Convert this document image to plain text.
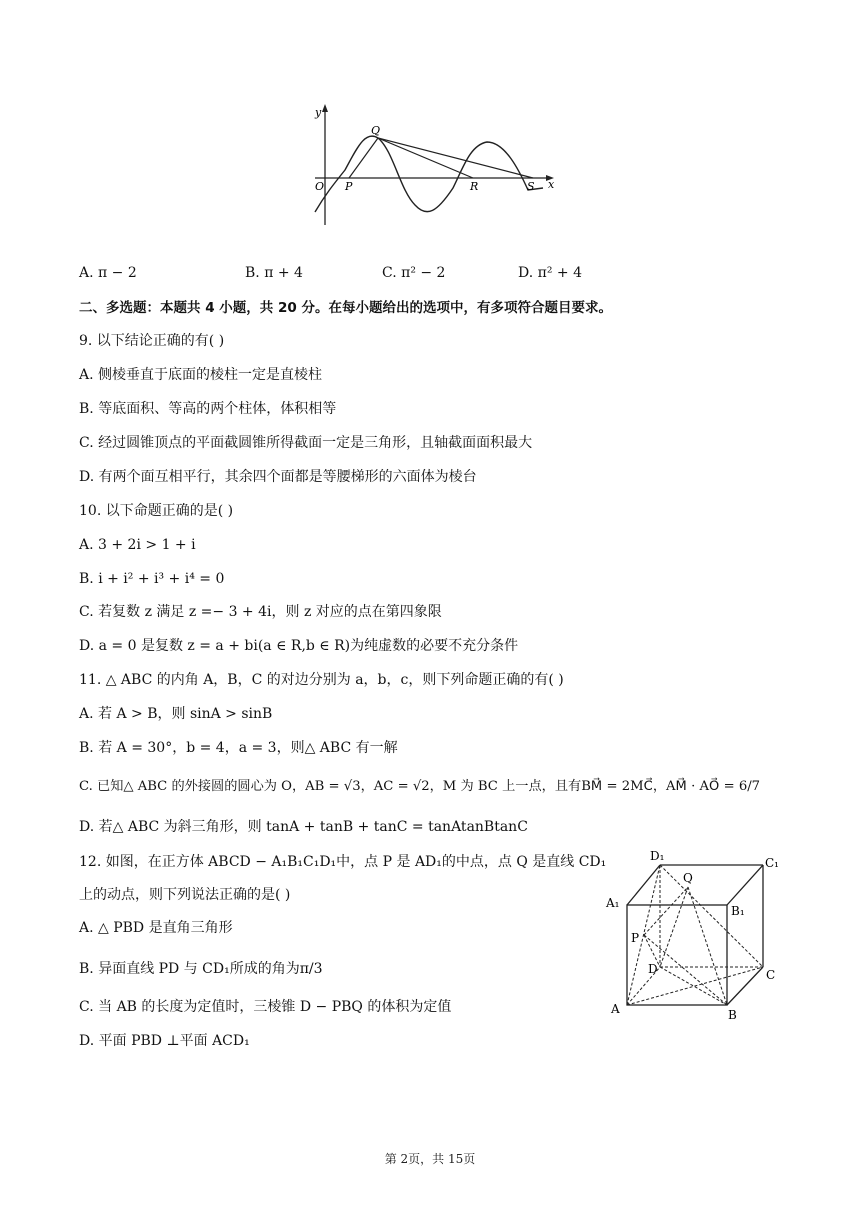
y
x
O P
Q
R	S
A. π − 2	B. π + 4	C. π² − 2	D. π² + 4
二、多选题：本题共 4 小题，共 20 分。在每小题给出的选项中，有多项符合题目要求。
9. 以下结论正确的有( )
A. 侧棱垂直于底面的棱柱一定是直棱柱
B. 等底面积、等高的两个柱体，体积相等
C. 经过圆锥顶点的平面截圆锥所得截面一定是三角形，且轴截面面积最大
D. 有两个面互相平行，其余四个面都是等腰梯形的六面体为棱台
10. 以下命题正确的是( )
A. 3 + 2i > 1 + i
B. i + i² + i³ + i⁴ = 0
C. 若复数 z 满足 z =− 3 + 4i，则 z 对应的点在第四象限
D. a = 0 是复数 z = a + bi(a ∈ R,b ∈ R)为纯虚数的必要不充分条件
11. △ ABC 的内角 A，B，C 的对边分别为 a，b，c，则下列命题正确的有( )
A. 若 A > B，则 sinA > sinB
B. 若 A = 30°，b = 4，a = 3，则△ ABC 有一解
C. 已知△ ABC 的外接圆的圆心为 O，AB = √3，AC = √2，M 为 BC 上一点，且有BM⃗ = 2MC⃗，AM⃗ · AO⃗ = 6/7
D. 若△ ABC 为斜三角形，则 tanA + tanB + tanC = tanAtanBtanC
12. 如图，在正方体 ABCD − A₁B₁C₁D₁中，点 P 是 AD₁的中点，点 Q 是直线 CD₁
上的动点，则下列说法正确的是( )
A. △ PBD 是直角三角形
B. 异面直线 PD 与 CD₁所成的角为π/3
C. 当 AB 的长度为定值时，三棱锥 D − PBQ 的体积为定值
D. 平面 PBD ⊥平面 ACD₁
D₁	C₁
Q
A₁
B₁
P
D	C
A	B
第 2页，共 15页
